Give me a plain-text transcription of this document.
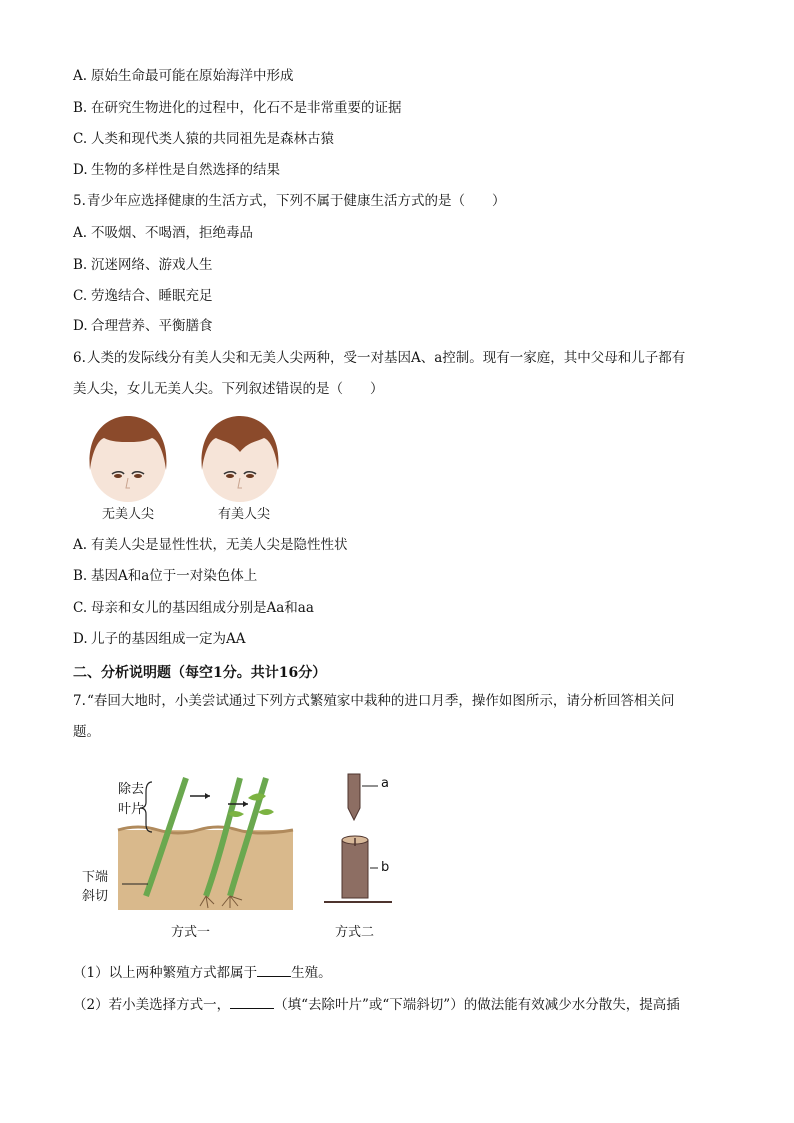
A. 原始生命最可能在原始海洋中形成
B. 在研究生物进化的过程中，化石不是非常重要的证据
C. 人类和现代类人猿的共同祖先是森林古猿
D. 生物的多样性是自然选择的结果
5.青少年应选择健康的生活方式，下列不属于健康生活方式的是（　　）
A. 不吸烟、不喝酒，拒绝毒品
B. 沉迷网络、游戏人生
C. 劳逸结合、睡眠充足
D. 合理营养、平衡膳食
6.人类的发际线分有美人尖和无美人尖两种，受一对基因A、a控制。现有一家庭，其中父母和儿子都有
美人尖，女儿无美人尖。下列叙述错误的是（　　）
无美人尖	有美人尖
A. 有美人尖是显性性状，无美人尖是隐性性状
B. 基因A和a位于一对染色体上
C. 母亲和女儿的基因组成分别是Aa和aa
D. 儿子的基因组成一定为AA
二、分析说明题（每空1分。共计16分）
7.“春回大地时，小美尝试通过下列方式繁殖家中栽种的进口月季，操作如图所示，请分析回答相关问
题。
除去
叶片
下端
斜切
方式一
a
b
方式二
（1）以上两种繁殖方式都属于	生殖。
（2）若小美选择方式一，	（填“去除叶片”或“下端斜切”）的做法能有效减少水分散失，提高插
